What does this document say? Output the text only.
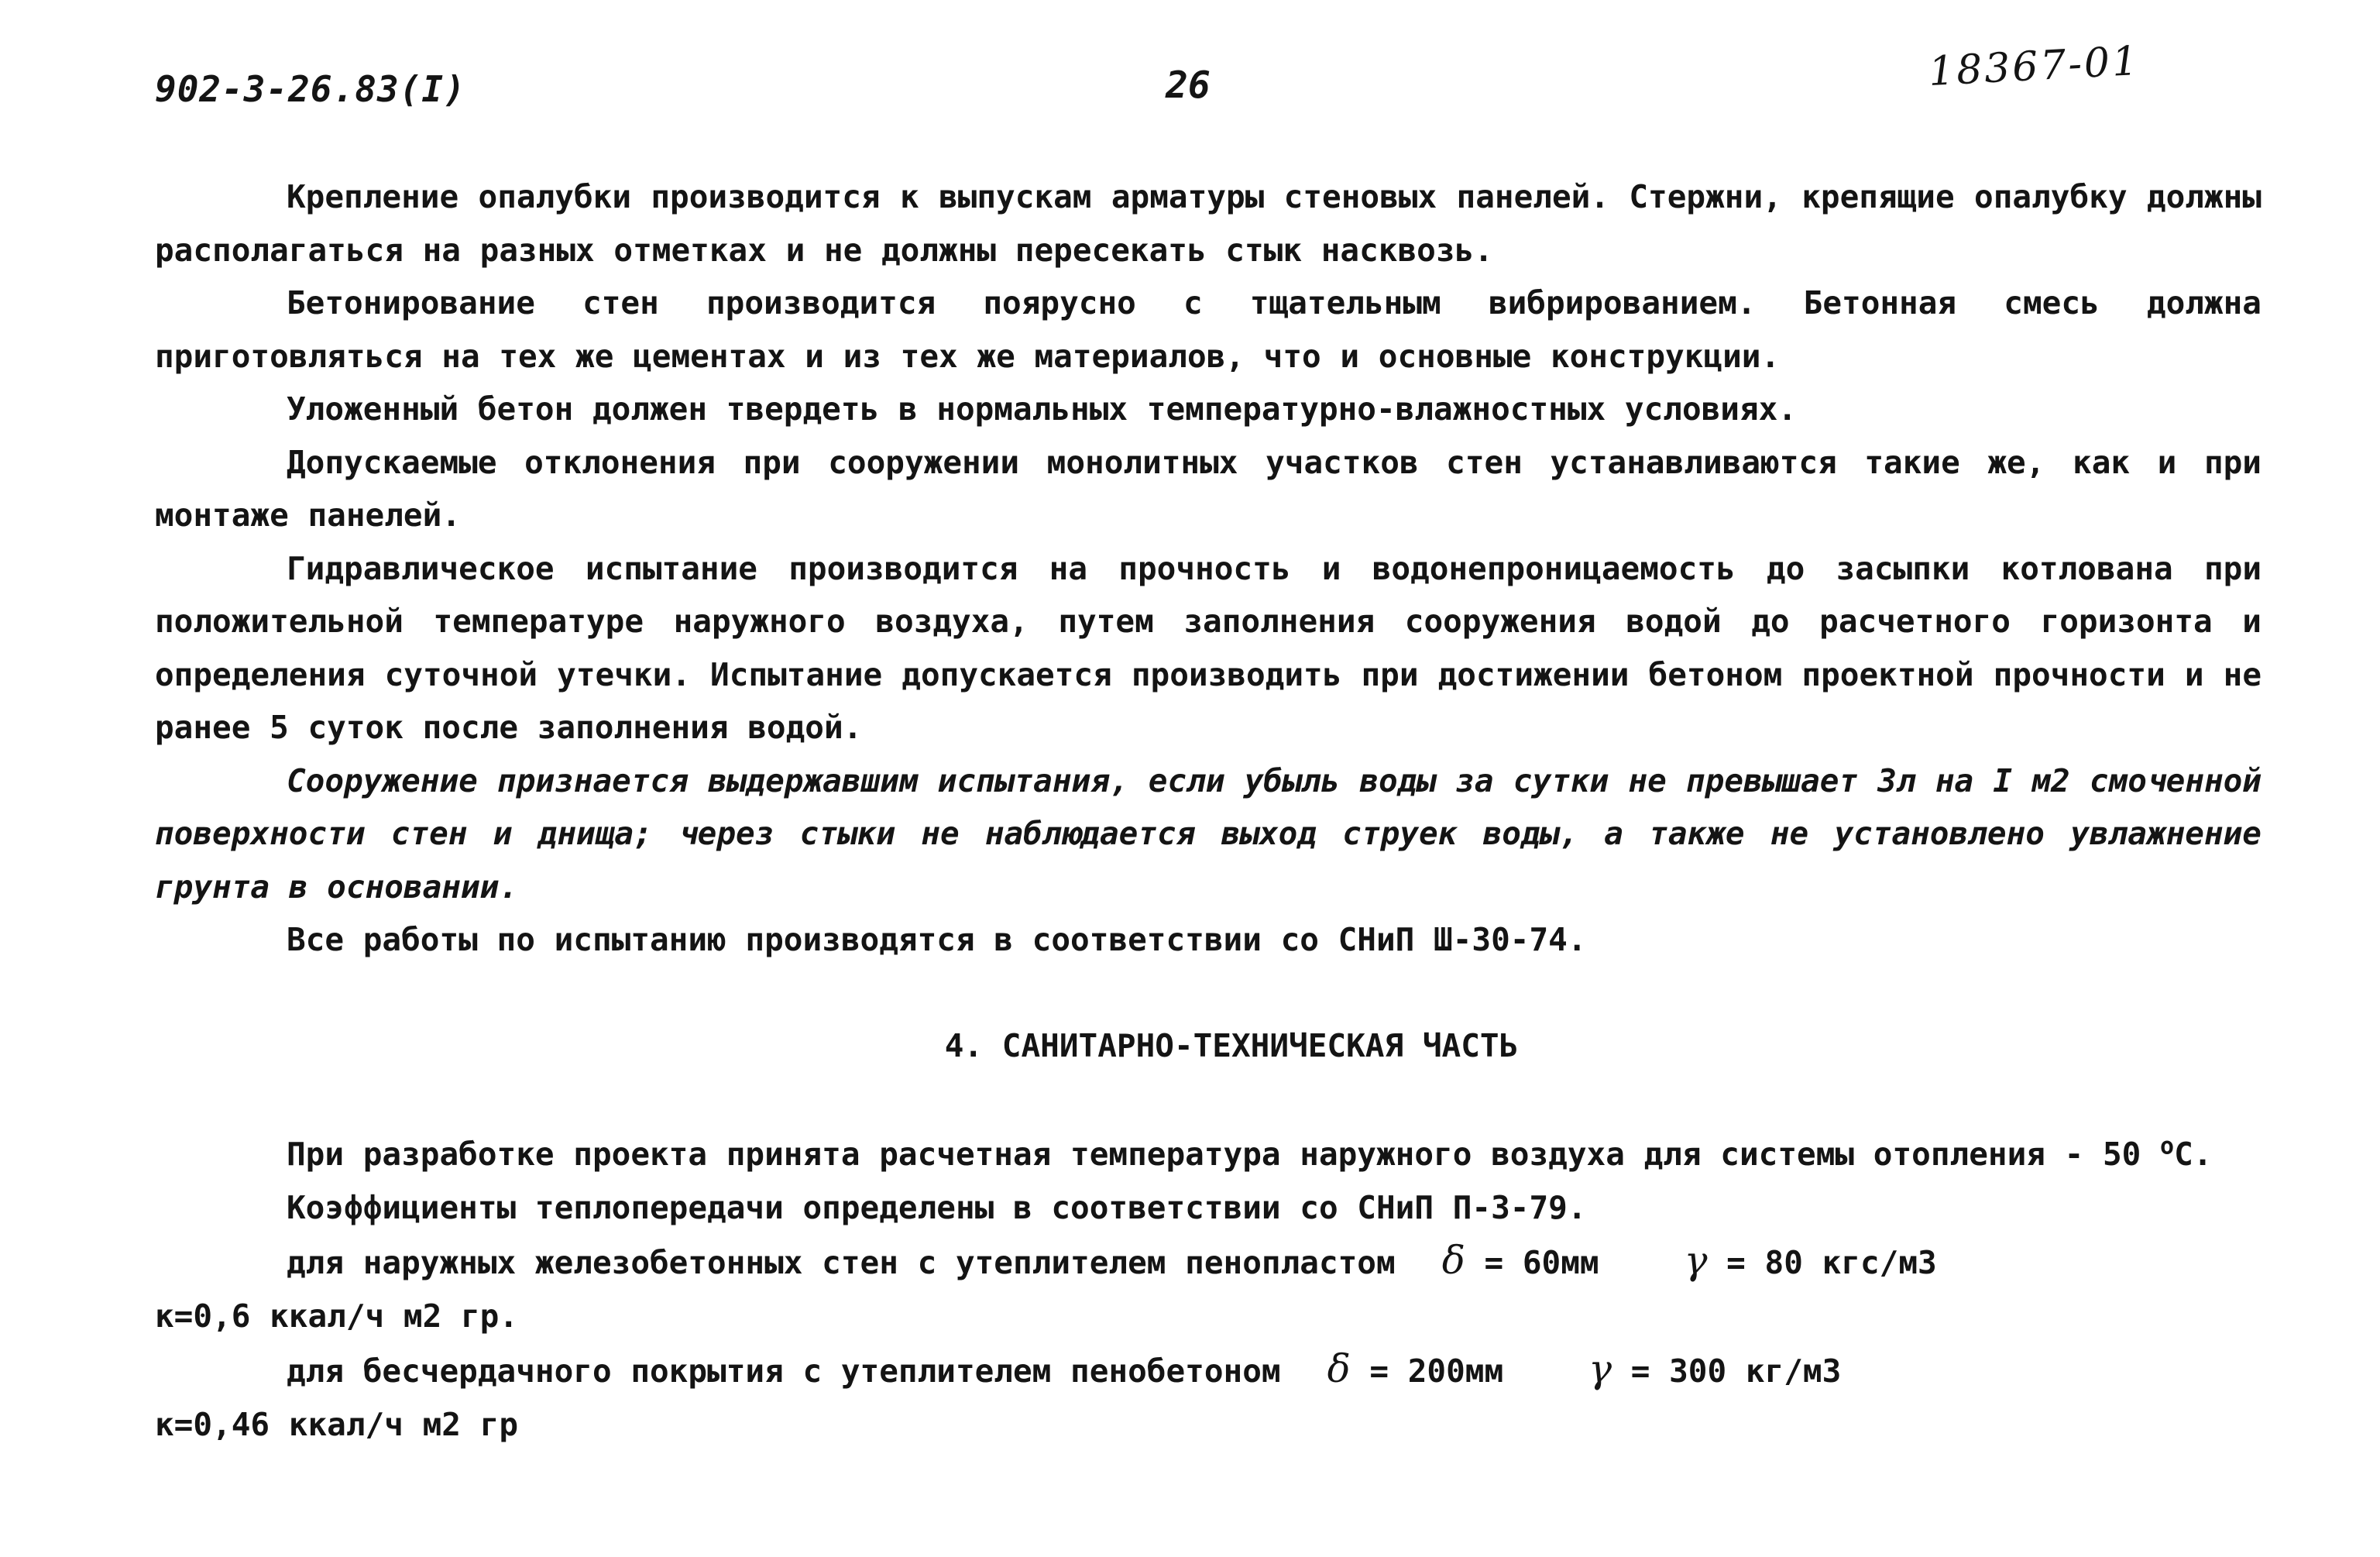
902-3-26.83(I)	26	18367-01

Крепление опалубки производится к выпускам арматуры стеновых панелей. Стержни, крепящие опалубку должны располагаться на разных отметках и не должны пересекать стык насквозь.

Бетонирование стен производится поярусно с тщательным вибрированием. Бетонная смесь должна приготовляться на тех же цементах и из тех же материалов, что и основные конструкции.

Уложенный бетон должен твердеть в нормальных температурно-влажностных условиях.

Допускаемые отклонения при сооружении монолитных участков стен устанавливаются такие же, как и при монтаже панелей.

Гидравлическое испытание производится на прочность и водонепроницаемость до засыпки котлована при положительной температуре наружного воздуха, путем заполнения сооружения водой до расчетного горизонта и определения суточной утечки. Испытание допускается производить при достижении бетоном проектной прочности и не ранее 5 суток после заполнения водой.

Сооружение признается выдержавшим испытания, если убыль воды за сутки не превышает 3л на I м2 смоченной поверхности стен и днища; через стыки не наблюдается выход струек воды, а также не установлено увлажнение грунта в основании.

Все работы по испытанию производятся в соответствии со СНиП Ш-30-74.

4. САНИТАРНО-ТЕХНИЧЕСКАЯ ЧАСТЬ

При разработке проекта принята расчетная температура наружного воздуха для системы отопления - 50 $^о$С.

Коэффициенты теплопередачи определены в соответствии со СНиП П-3-79.

для наружных железобетонных стен с утеплителем пенопластом δ = 60мм γ = 80 кгс/м3

к=0,6 ккал/ч м2 гр.

для бесчердачного покрытия с утеплителем пенобетоном δ = 200мм γ = 300 кг/м3

к=0,46 ккал/ч м2 гр
